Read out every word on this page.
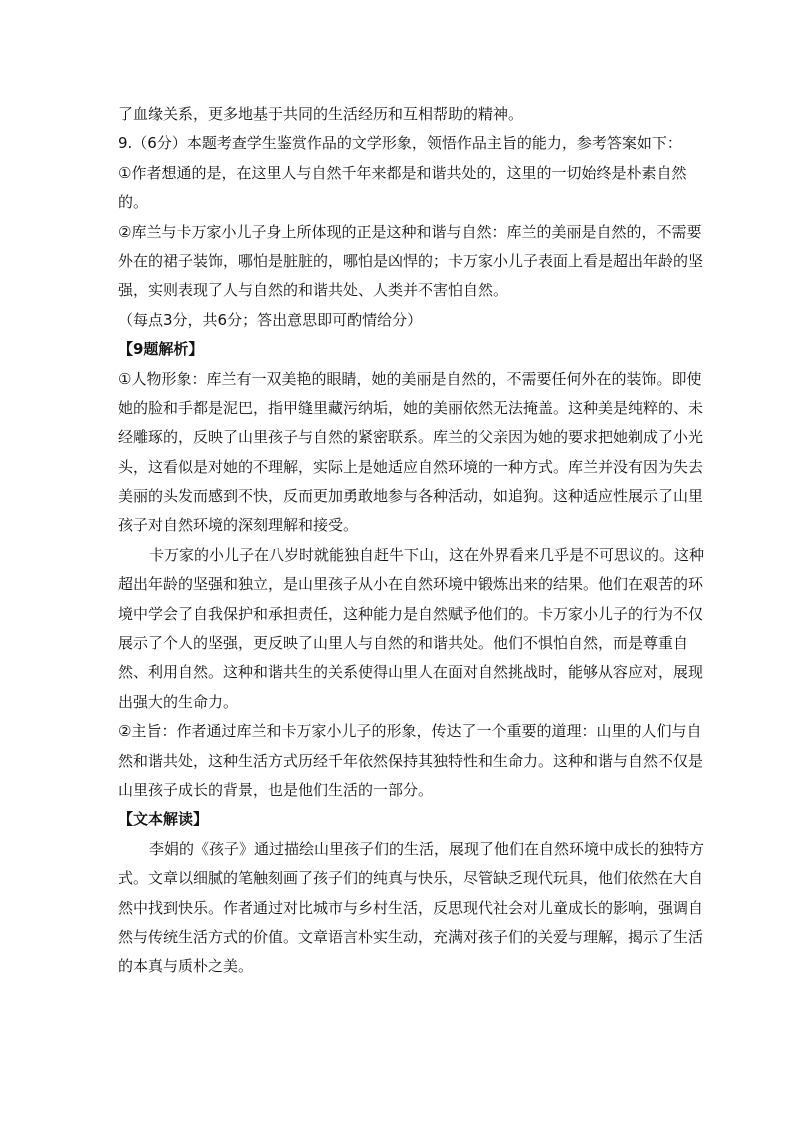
了血缘关系，更多地基于共同的生活经历和互相帮助的精神。

9.（6分）本题考查学生鉴赏作品的文学形象，领悟作品主旨的能力，参考答案如下：

①作者想通的是，在这里人与自然千年来都是和谐共处的，这里的一切始终是朴素自然

的。

②库兰与卡万家小儿子身上所体现的正是这种和谐与自然：库兰的美丽是自然的，不需要

外在的裙子装饰，哪怕是脏脏的，哪怕是凶悍的；卡万家小儿子表面上看是超出年龄的坚

强，实则表现了人与自然的和谐共处、人类并不害怕自然。

（每点3分，共6分；答出意思即可酌情给分）

【9题解析】

①人物形象：库兰有一双美艳的眼睛，她的美丽是自然的，不需要任何外在的装饰。即使

她的脸和手都是泥巴，指甲缝里藏污纳垢，她的美丽依然无法掩盖。这种美是纯粹的、未

经雕琢的，反映了山里孩子与自然的紧密联系。库兰的父亲因为她的要求把她剃成了小光

头，这看似是对她的不理解，实际上是她适应自然环境的一种方式。库兰并没有因为失去

美丽的头发而感到不快，反而更加勇敢地参与各种活动，如追狗。这种适应性展示了山里

孩子对自然环境的深刻理解和接受。

卡万家的小儿子在八岁时就能独自赶牛下山，这在外界看来几乎是不可思议的。这种

超出年龄的坚强和独立，是山里孩子从小在自然环境中锻炼出来的结果。他们在艰苦的环

境中学会了自我保护和承担责任，这种能力是自然赋予他们的。卡万家小儿子的行为不仅

展示了个人的坚强，更反映了山里人与自然的和谐共处。他们不惧怕自然，而是尊重自

然、利用自然。这种和谐共生的关系使得山里人在面对自然挑战时，能够从容应对，展现

出强大的生命力。

②主旨：作者通过库兰和卡万家小儿子的形象，传达了一个重要的道理：山里的人们与自

然和谐共处，这种生活方式历经千年依然保持其独特性和生命力。这种和谐与自然不仅是

山里孩子成长的背景，也是他们生活的一部分。

【文本解读】

李娟的《孩子》通过描绘山里孩子们的生活，展现了他们在自然环境中成长的独特方

式。文章以细腻的笔触刻画了孩子们的纯真与快乐，尽管缺乏现代玩具，他们依然在大自

然中找到快乐。作者通过对比城市与乡村生活，反思现代社会对儿童成长的影响，强调自

然与传统生活方式的价值。文章语言朴实生动，充满对孩子们的关爱与理解，揭示了生活

的本真与质朴之美。
